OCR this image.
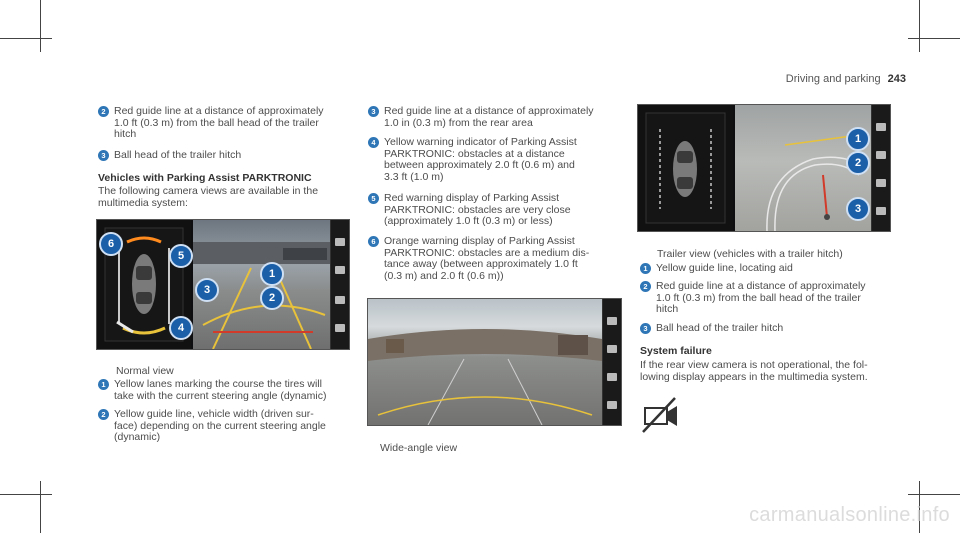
Driving and parking 243
2 Red guide line at a distance of approximately
1.0 ft (0.3 m) from the ball head of the trailer
hitch
3 Ball head of the trailer hitch
Vehicles with Parking Assist PARKTRONIC
The following camera views are available in the
multimedia system:
6
5
1
3
2
4
Normal view
1 Yellow lanes marking the course the tires will
take with the current steering angle (dynamic)
2 Yellow guide line, vehicle width (driven sur-
face) depending on the current steering angle
(dynamic)
3 Red guide line at a distance of approximately
1.0 in (0.3 m) from the rear area
4 Yellow warning indicator of Parking Assist
PARKTRONIC: obstacles at a distance
between approximately 2.0 ft (0.6 m) and
3.3 ft (1.0 m)
5 Red warning display of Parking Assist
PARKTRONIC: obstacles are very close
(approximately 1.0 ft (0.3 m) or less)
6 Orange warning display of Parking Assist
PARKTRONIC: obstacles are a medium dis-
tance away (between approximately 1.0 ft
(0.3 m) and 2.0 ft (0.6 m))
Wide-angle view
1
2
3
Trailer view (vehicles with a trailer hitch)
1 Yellow guide line, locating aid
2 Red guide line at a distance of approximately
1.0 ft (0.3 m) from the ball head of the trailer
hitch
3 Ball head of the trailer hitch
System failure
If the rear view camera is not operational, the fol-
lowing display appears in the multimedia system.
carmanualsonline.info
